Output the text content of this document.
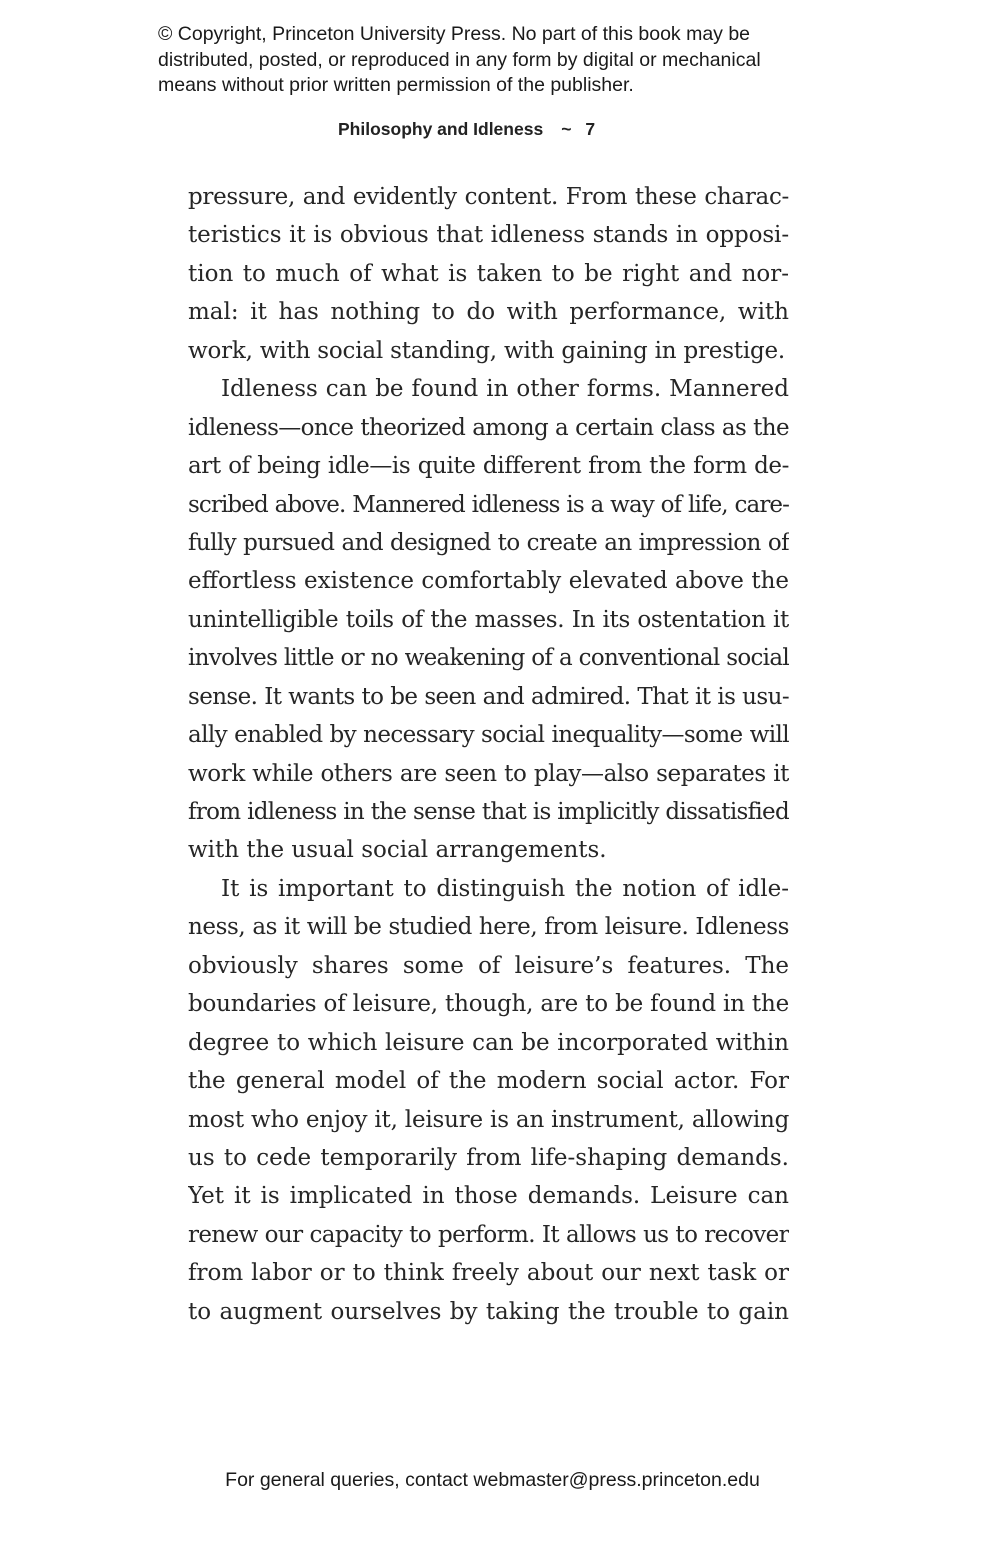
© Copyright, Princeton University Press. No part of this book may be
distributed, posted, or reproduced in any form by digital or mechanical
means without prior written permission of the publisher.
Philosophy and Idleness ~ 7
pressure, and evidently content. From these charac-
teristics it is obvious that idleness stands in opposi-
tion to much of what is taken to be right and nor-
mal: it has nothing to do with performance, with
work, with social standing, with gaining in prestige.
Idleness can be found in other forms. Mannered
idleness—once theorized among a certain class as the
art of being idle—is quite different from the form de-
scribed above. Mannered idleness is a way of life, care-
fully pursued and designed to create an impression of
effortless existence comfortably elevated above the
unintelligible toils of the masses. In its ostentation it
involves little or no weakening of a conventional social
sense. It wants to be seen and admired. That it is usu-
ally enabled by necessary social inequality—some will
work while others are seen to play—also separates it
from idleness in the sense that is implicitly dissatisfied
with the usual social arrangements.
It is important to distinguish the notion of idle-
ness, as it will be studied here, from leisure. Idleness
obviously shares some of leisure’s features. The
boundaries of leisure, though, are to be found in the
degree to which leisure can be incorporated within
the general model of the modern social actor. For
most who enjoy it, leisure is an instrument, allowing
us to cede temporarily from life-shaping demands.
Yet it is implicated in those demands. Leisure can
renew our capacity to perform. It allows us to recover
from labor or to think freely about our next task or
to augment ourselves by taking the trouble to gain
For general queries, contact webmaster@press.princeton.edu
